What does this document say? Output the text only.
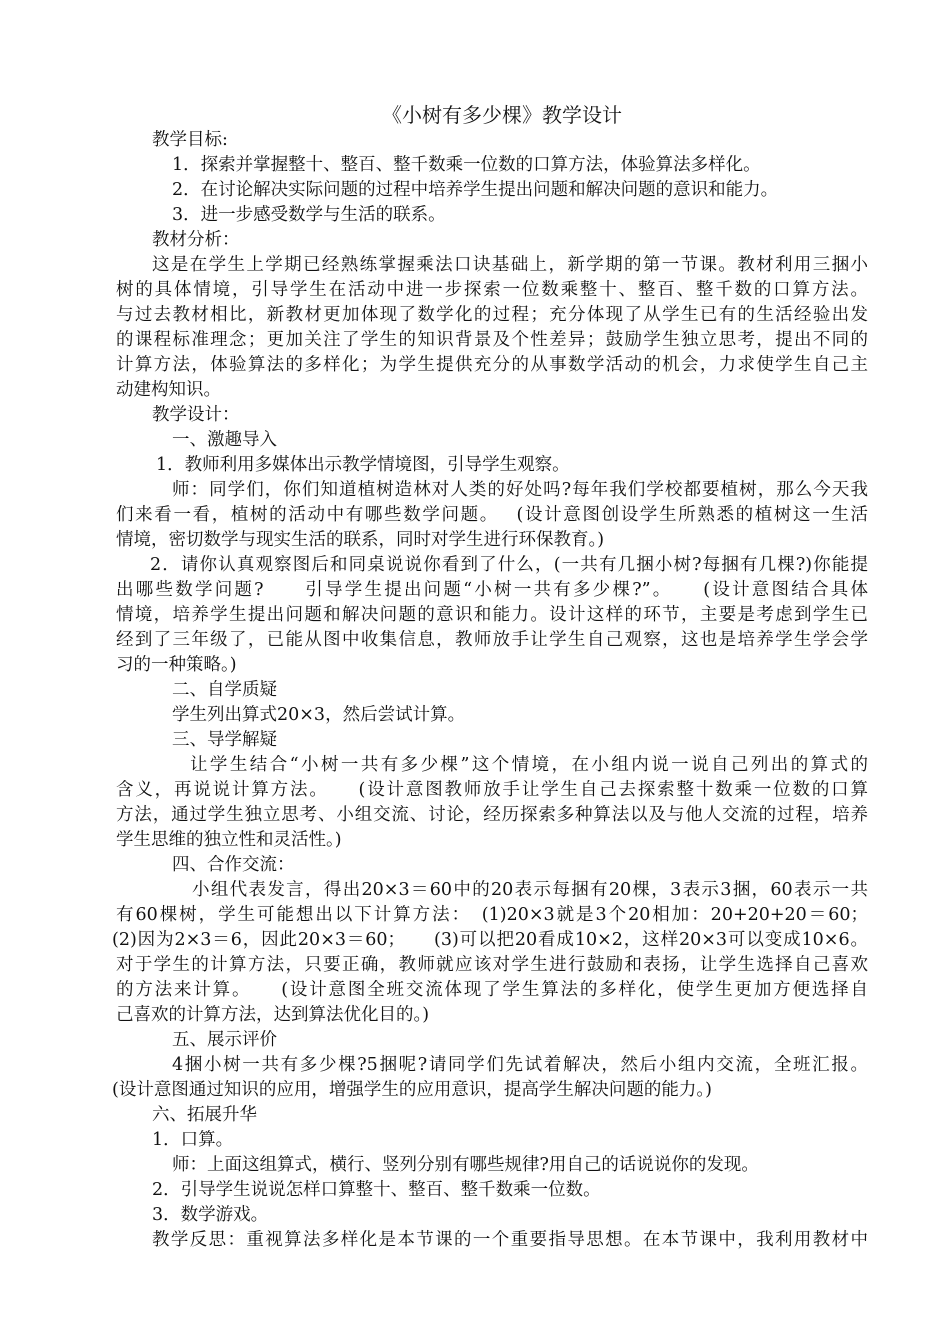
《小树有多少棵》教学设计
教学目标:
1．探索并掌握整十、整百、整千数乘一位数的口算方法，体验算法多样化。
2．在讨论解决实际问题的过程中培养学生提出问题和解决问题的意识和能力。
3．进一步感受数学与生活的联系。
教材分析：
这是在学生上学期已经熟练掌握乘法口诀基础上，新学期的第一节课。教材利用三捆小
树的具体情境，引导学生在活动中进一步探索一位数乘整十、整百、整千数的口算方法。
与过去教材相比，新教材更加体现了数学化的过程；充分体现了从学生已有的生活经验出发
的课程标准理念；更加关注了学生的知识背景及个性差异；鼓励学生独立思考，提出不同的
计算方法，体验算法的多样化；为学生提供充分的从事数学活动的机会，力求使学生自己主
动建构知识。
教学设计：
一、激趣导入
1．教师利用多媒体出示教学情境图，引导学生观察。
师：同学们，你们知道植树造林对人类的好处吗?每年我们学校都要植树，那么今天我
们来看一看，植树的活动中有哪些数学问题。　 (设计意图创设学生所熟悉的植树这一生活
情境，密切数学与现实生活的联系，同时对学生进行环保教育。)
2．请你认真观察图后和同桌说说你看到了什么，(一共有几捆小树?每捆有几棵?)你能提
出哪些数学问题?　　引导学生提出问题“小树一共有多少棵?”。　　(设计意图结合具体
情境，培养学生提出问题和解决问题的意识和能力。设计这样的环节，主要是考虑到学生已
经到了三年级了，已能从图中收集信息，教师放手让学生自己观察，这也是培养学生学会学
习的一种策略。)
二、自学质疑
学生列出算式20×3，然后尝试计算。
三、导学解疑
让学生结合“小树一共有多少棵”这个情境，在小组内说一说自己列出的算式的
含义，再说说计算方法。　　(设计意图教师放手让学生自己去探索整十数乘一位数的口算
方法，通过学生独立思考、小组交流、讨论，经历探索多种算法以及与他人交流的过程，培养
学生思维的独立性和灵活性。)
四、合作交流：
小组代表发言，得出20×3＝60中的20表示每捆有20棵，3表示3捆，60表示一共
有60棵树，学生可能想出以下计算方法：　(1)20×3就是3个20相加：20+20+20＝60；
(2)因为2×3＝6，因此20×3＝60；　　(3)可以把20看成10×2，这样20×3可以变成10×6。
对于学生的计算方法，只要正确，教师就应该对学生进行鼓励和表扬，让学生选择自己喜欢
的方法来计算。　　(设计意图全班交流体现了学生算法的多样化，使学生更加方便选择自
己喜欢的计算方法，达到算法优化目的。)
五、展示评价
4捆小树一共有多少棵?5捆呢?请同学们先试着解决，然后小组内交流，全班汇报。
(设计意图通过知识的应用，增强学生的应用意识，提高学生解决问题的能力。)
六、拓展升华
1．口算。
师：上面这组算式，横行、竖列分别有哪些规律?用自己的话说说你的发现。
2．引导学生说说怎样口算整十、整百、整千数乘一位数。
3．数学游戏。
教学反思：重视算法多样化是本节课的一个重要指导思想。在本节课中，我利用教材中
